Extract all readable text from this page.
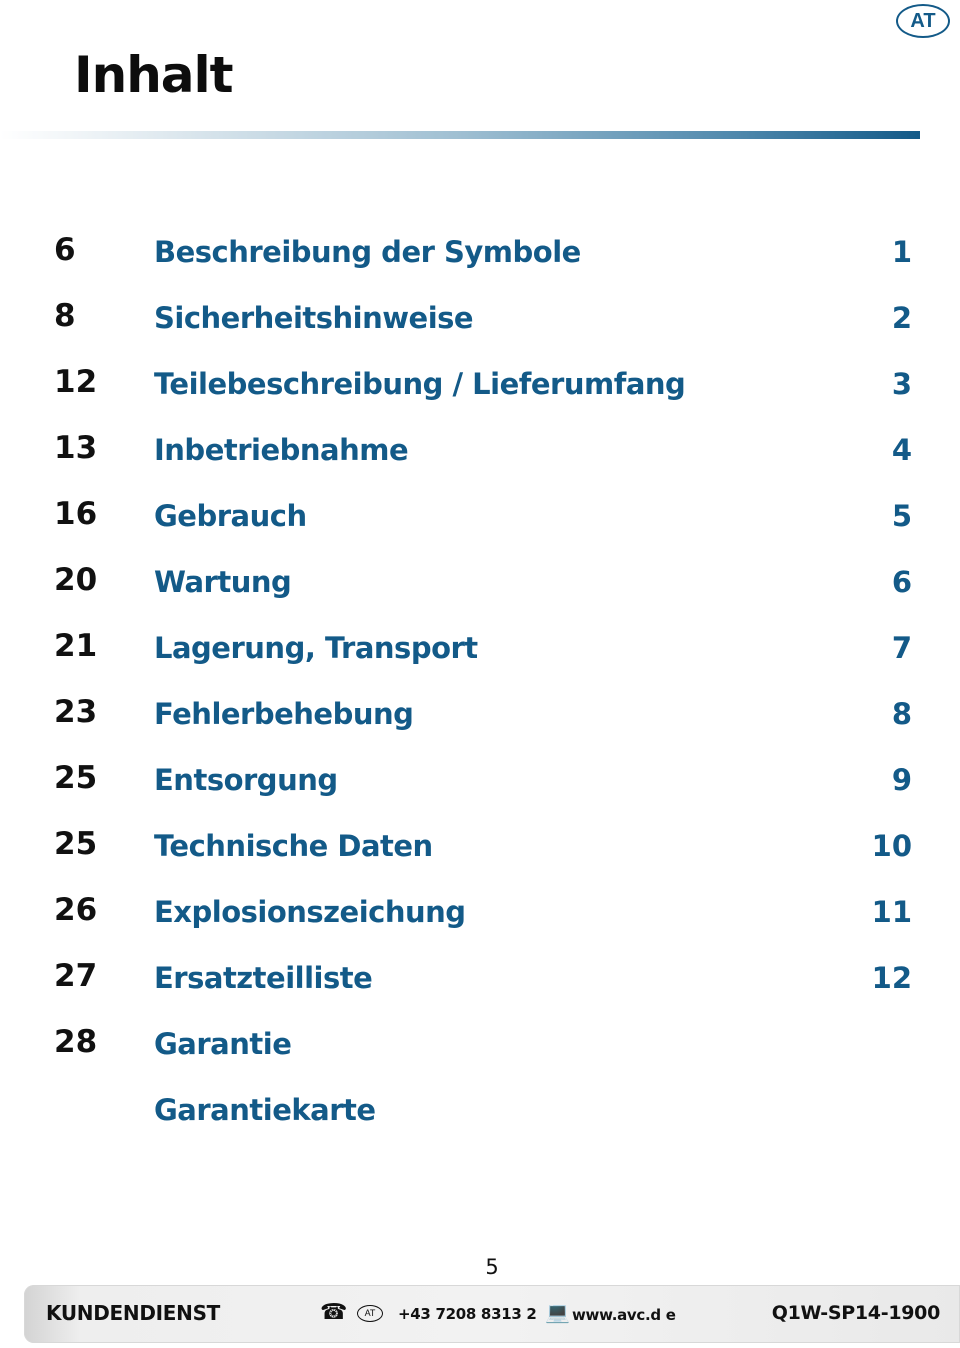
AT
Inhalt
6	Beschreibung der Symbole	1
8	Sicherheitshinweise	2
12 Teilebeschreibung / Lieferumfang	3
13 Inbetriebnahme	4
16 Gebrauch	5
20 Wartung	6
21 Lagerung, Transport	7
23 Fehlerbehebung	8
25 Entsorgung	9
25 Technische Daten	10
26 Explosionszeichung	11
27 Ersatzteilliste	12
28 Garantie
Garantiekarte
5
KUNDENDIENST	☎	AT	+43 7208 8313 2 💻 www.avc.d e	Q1W-SP14-1900
